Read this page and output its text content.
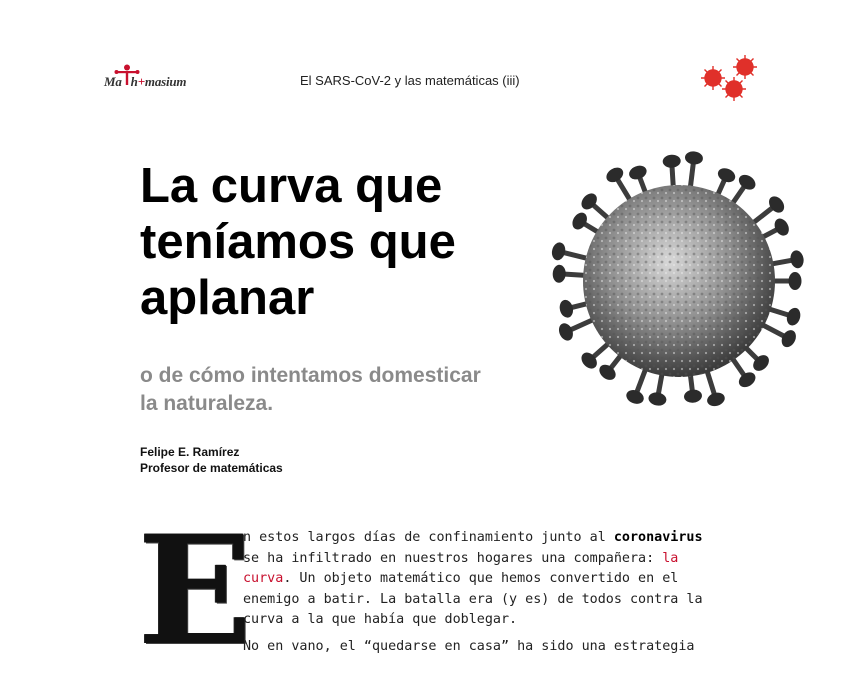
Ma h+masium	El SARS-CoV-2 y las matemáticas (iii)
La curva que
teníamos que
aplanar
o de cómo intentamos domesticar
la naturaleza.
Felipe E. Ramírez
Profesor de matemáticas
E

n estos largos días de confinamiento junto al coronavirus
se ha infiltrado en nuestros hogares una compañera: la
curva. Un objeto matemático que hemos convertido en el
enemigo a batir. La batalla era (y es) de todos contra la
curva a la que había que doblegar.

No en vano, el “quedarse en casa” ha sido una estrategia
